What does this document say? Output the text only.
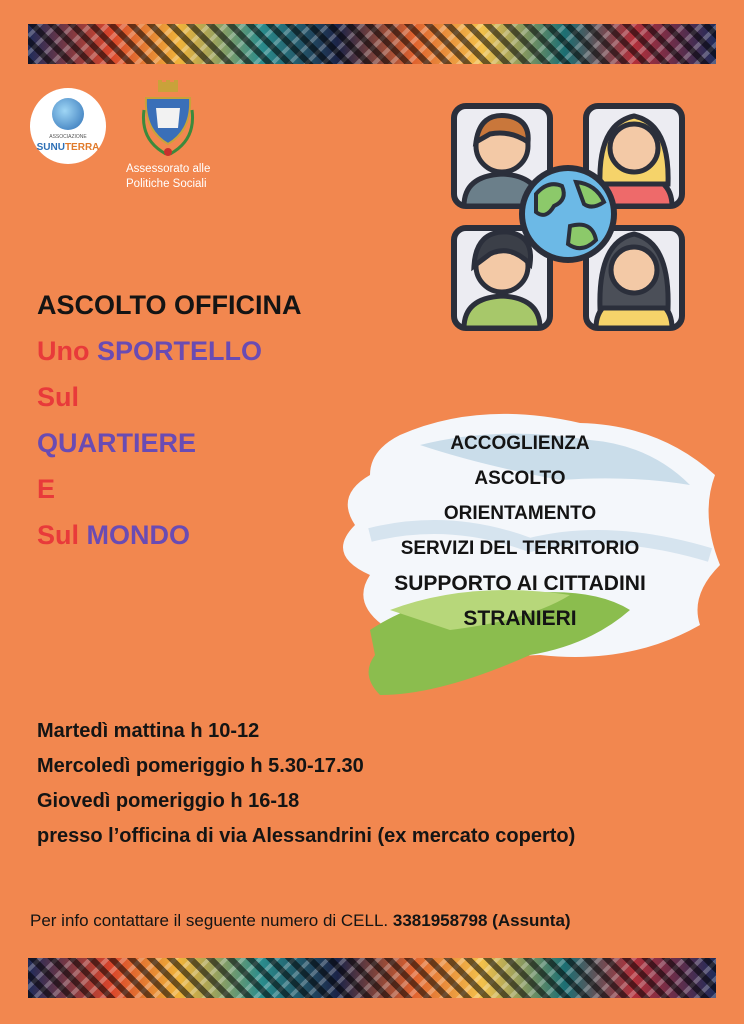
ASSOCIAZIONE
SUNUTERRA
Assessorato alle
Politiche Sociali
ASCOLTO OFFICINA
Uno SPORTELLO
Sul
QUARTIERE
E
Sul MONDO
ACCOGLIENZA
ASCOLTO
ORIENTAMENTO
SERVIZI DEL TERRITORIO
SUPPORTO AI CITTADINI
STRANIERI
Martedì mattina h 10-12
Mercoledì pomeriggio h 5.30-17.30
Giovedì pomeriggio h 16-18
presso l’officina di via Alessandrini (ex mercato coperto)
Per info contattare il seguente numero di CELL. 3381958798 (Assunta)
